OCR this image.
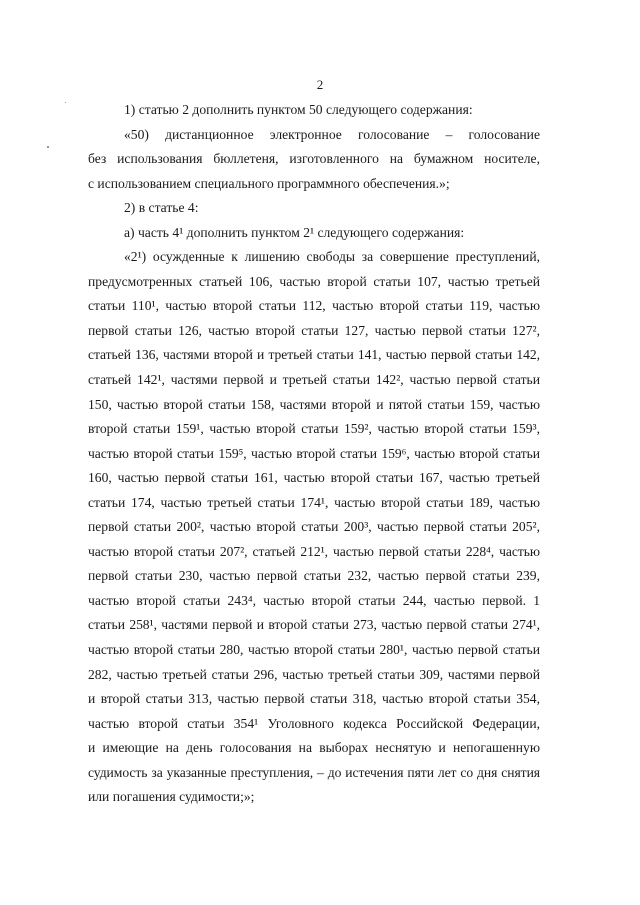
2
1) статью 2 дополнить пунктом 50 следующего содержания:
«50) дистанционное электронное голосование – голосование
без использования бюллетеня, изготовленного на бумажном носителе,
с использованием специального программного обеспечения.»;
2) в статье 4:
а) часть 4¹ дополнить пунктом 2¹ следующего содержания:
«2¹) осужденные к лишению свободы за совершение преступлений,
предусмотренных статьей 106, частью второй статьи 107, частью третьей
статьи 110¹, частью второй статьи 112, частью второй статьи 119, частью
первой статьи 126, частью второй статьи 127, частью первой статьи 127²,
статьей 136, частями второй и третьей статьи 141, частью первой статьи 142,
статьей 142¹, частями первой и третьей статьи 142², частью первой статьи
150, частью второй статьи 158, частями второй и пятой статьи 159, частью
второй статьи 159¹, частью второй статьи 159², частью второй статьи 159³,
частью второй статьи 159⁵, частью второй статьи 159⁶, частью второй статьи
160, частью первой статьи 161, частью второй статьи 167, частью третьей
статьи 174, частью третьей статьи 174¹, частью второй статьи 189, частью
первой статьи 200², частью второй статьи 200³, частью первой статьи 205²,
частью второй статьи 207², статьей 212¹, частью первой статьи 228⁴, частью
первой статьи 230, частью первой статьи 232, частью первой статьи 239,
частью второй статьи 243⁴, частью второй статьи 244, частью первой. 1
статьи 258¹, частями первой и второй статьи 273, частью первой статьи 274¹,
частью второй статьи 280, частью второй статьи 280¹, частью первой статьи
282, частью третьей статьи 296, частью третьей статьи 309, частями первой
и второй статьи 313, частью первой статьи 318, частью второй статьи 354,
частью второй статьи 354¹ Уголовного кодекса Российской Федерации,
и имеющие на день голосования на выборах неснятую и непогашенную
судимость за указанные преступления, – до истечения пяти лет со дня снятия
или погашения судимости;»;
